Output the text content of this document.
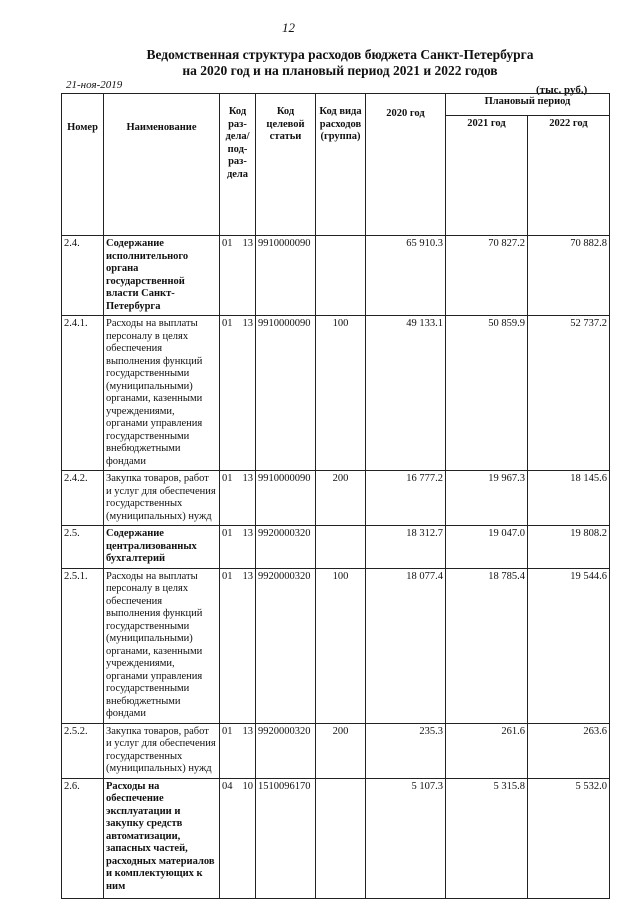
12
Ведомственная структура расходов бюджета Санкт-Петербурга
на 2020 год и на плановый период 2021 и 2022 годов
21-ноя-2019	(тыс. руб.)
Номер	Наименование	Код раз- дела/ под- раз- дела	Код целевой статьи	Код вида расходов (группа)	2020 год	Плановый период	
						2021 год	2022 год
2.4.	Содержание исполнительного органа государственной власти Санкт-Петербурга	01 13	9910000090		65 910.3	70 827.2	70 882.8
2.4.1.	Расходы на выплаты персоналу в целях обеспечения выполнения функций государственными (муниципальными) органами, казенными учреждениями, органами управления государственными внебюджетными фондами	01 13	9910000090	100	49 133.1	50 859.9	52 737.2
2.4.2.	Закупка товаров, работ и услуг для обеспечения государственных (муниципальных) нужд	01 13	9910000090	200	16 777.2	19 967.3	18 145.6
2.5.	Содержание централизованных бухгалтерий	01 13	9920000320		18 312.7	19 047.0	19 808.2
2.5.1.	Расходы на выплаты персоналу в целях обеспечения выполнения функций государственными (муниципальными) органами, казенными учреждениями, органами управления государственными внебюджетными фондами	01 13	9920000320	100	18 077.4	18 785.4	19 544.6
2.5.2.	Закупка товаров, работ и услуг для обеспечения государственных (муниципальных) нужд	01 13	9920000320	200	235.3	261.6	263.6
2.6.	Расходы на обеспечение эксплуатации и закупку средств автоматизации, запасных частей, расходных материалов и комплектующих к ним	04 10	1510096170		5 107.3	5 315.8	5 532.0
